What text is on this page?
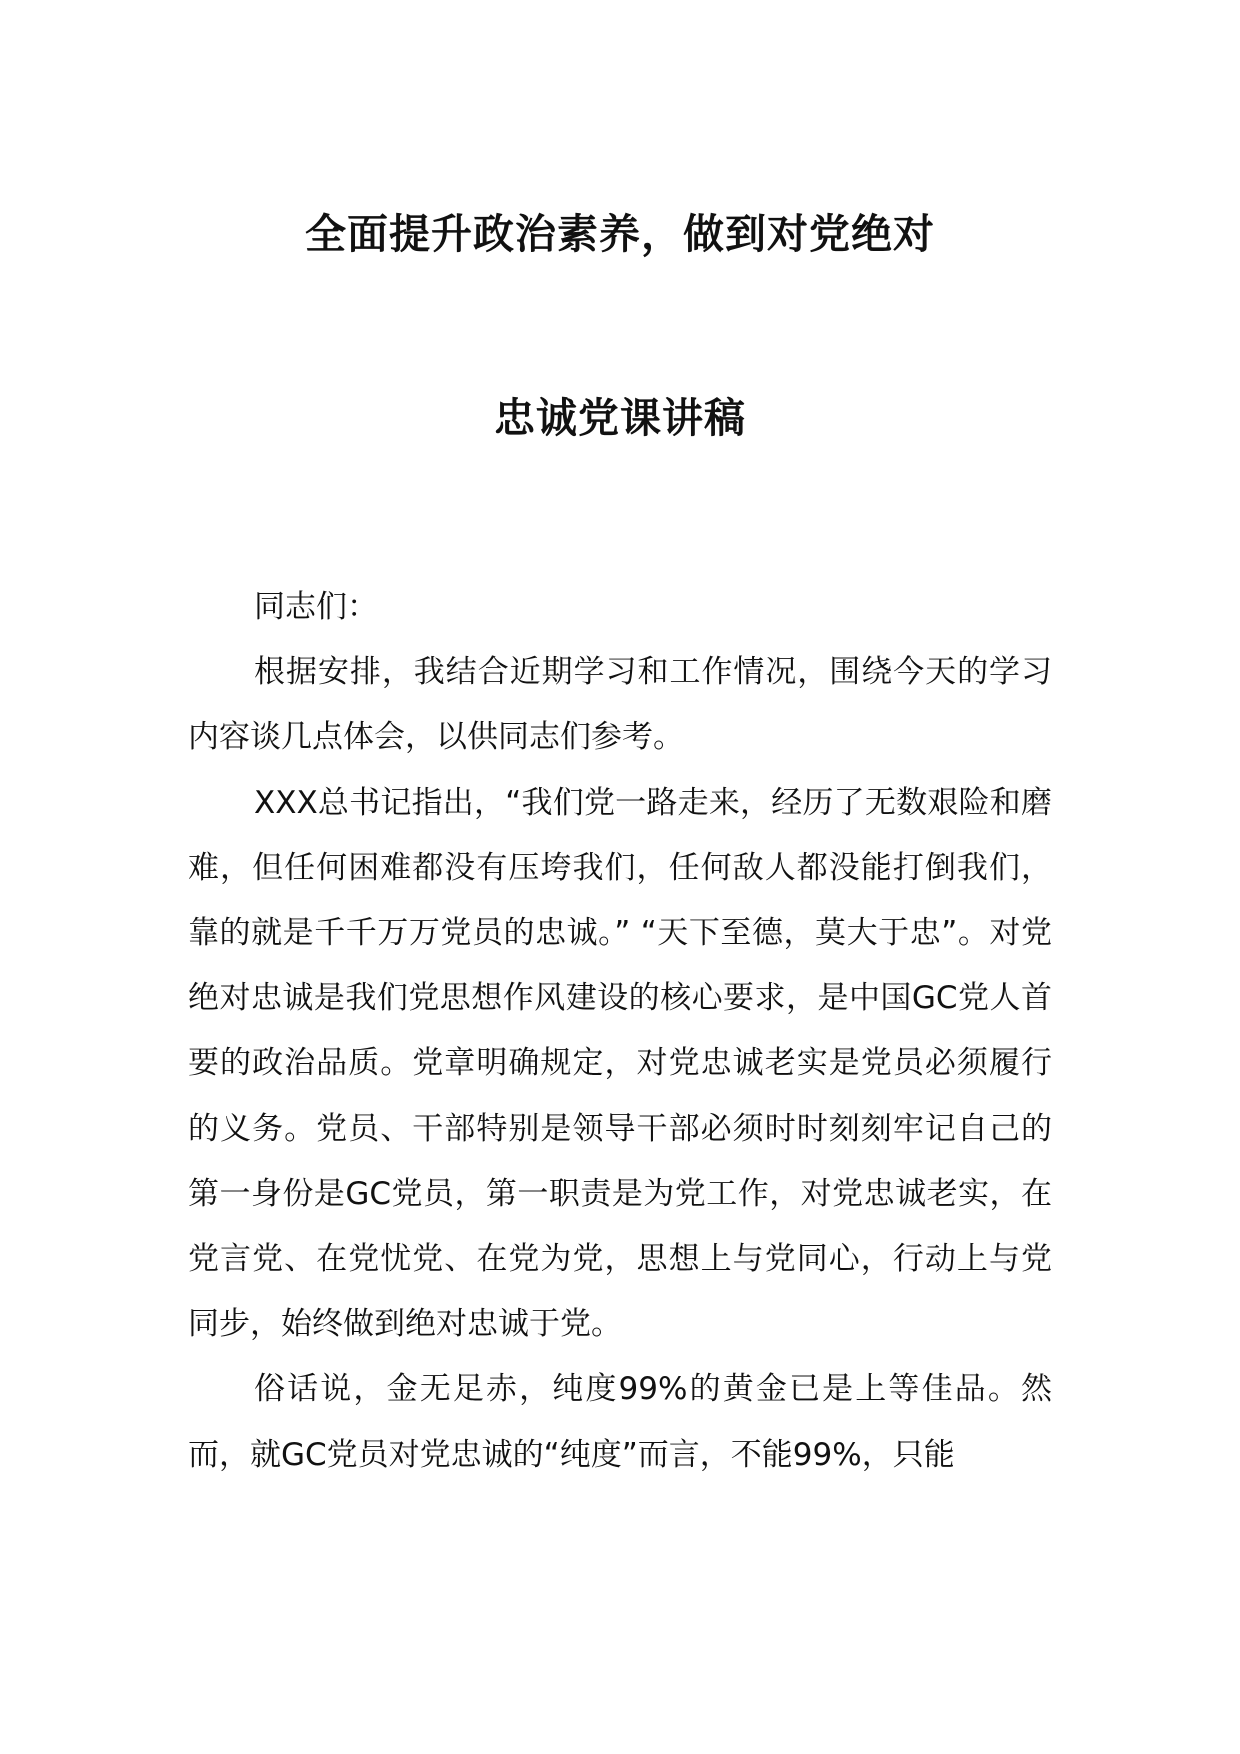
全面提升政治素养，做到对党绝对
忠诚党课讲稿

同志们：

根据安排，我结合近期学习和工作情况，围绕今天的学习内容谈几点体会，以供同志们参考。

XXX总书记指出，“我们党一路走来，经历了无数艰险和磨难，但任何困难都没有压垮我们，任何敌人都没能打倒我们，靠的就是千千万万党员的忠诚。” “天下至德，莫大于忠”。对党绝对忠诚是我们党思想作风建设的核心要求，是中国GC党人首要的政治品质。党章明确规定，对党忠诚老实是党员必须履行的义务。党员、干部特别是领导干部必须时时刻刻牢记自己的第一身份是GC党员，第一职责是为党工作，对党忠诚老实，在党言党、在党忧党、在党为党，思想上与党同心，行动上与党同步，始终做到绝对忠诚于党。

俗话说，金无足赤，纯度99%的黄金已是上等佳品。然而，就GC党员对党忠诚的“纯度”而言，不能99%，只能
